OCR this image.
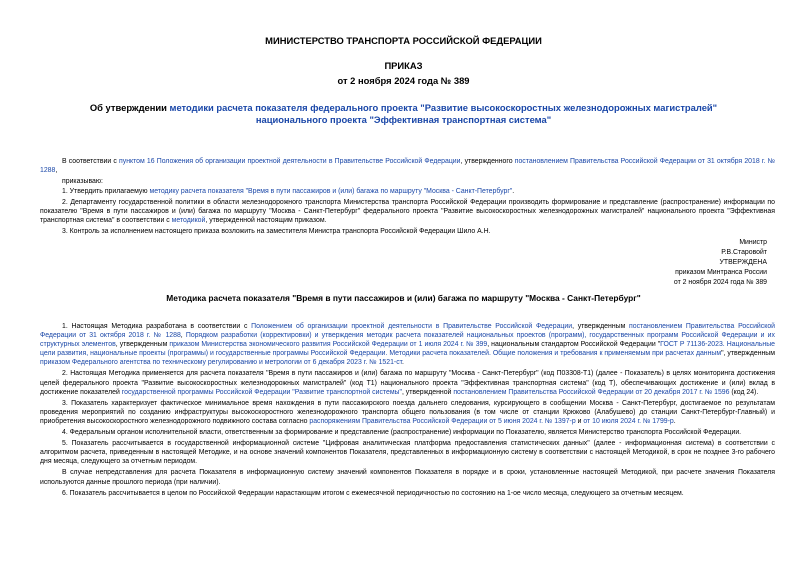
МИНИСТЕРСТВО ТРАНСПОРТА РОССИЙСКОЙ ФЕДЕРАЦИИ
ПРИКАЗ
от 2 ноября 2024 года № 389
Об утверждении методики расчета показателя федерального проекта "Развитие высокоскоростных железнодорожных магистралей" национального проекта "Эффективная транспортная система"

В соответствии с пунктом 16 Положения об организации проектной деятельности в Правительстве Российской Федерации, утвержденного постановлением Правительства Российской Федерации от 31 октября 2018 г. № 1288,

приказываю:

1. Утвердить прилагаемую методику расчета показателя "Время в пути пассажиров и (или) багажа по маршруту "Москва - Санкт-Петербург".

2. Департаменту государственной политики в области железнодорожного транспорта Министерства транспорта Российской Федерации производить формирование и представление (распространение) информации по показателю "Время в пути пассажиров и (или) багажа по маршруту "Москва - Санкт-Петербург" федерального проекта "Развитие высокоскоростных железнодорожных магистралей" национального проекта "Эффективная транспортная система" в соответствии с методикой, утвержденной настоящим приказом.

3. Контроль за исполнением настоящего приказа возложить на заместителя Министра транспорта Российской Федерации Шило А.Н.

Министр
Р.В.Старовойт
УТВЕРЖДЕНА
приказом Минтранса России
от 2 ноября 2024 года № 389
Методика расчета показателя "Время в пути пассажиров и (или) багажа по маршруту "Москва - Санкт-Петербург"

1. Настоящая Методика разработана в соответствии с Положением об организации проектной деятельности в Правительстве Российской Федерации, утвержденным постановлением Правительства Российской Федерации от 31 октября 2018 г. № 1288, Порядком разработки (корректировки) и утверждения методик расчета показателей национальных проектов (программ), государственных программ Российской Федерации и их структурных элементов, утвержденным приказом Министерства экономического развития Российской Федерации от 1 июля 2024 г. № 399, национальным стандартом Российской Федерации "ГОСТ Р 71136-2023. Национальные цели развития, национальные проекты (программы) и государственные программы Российской Федерации. Методики расчета показателей. Общие положения и требования к применяемым при расчетах данным", утвержденным приказом Федерального агентства по техническому регулированию и метрологии от 6 декабря 2023 г. № 1521-ст.

2. Настоящая Методика применяется для расчета показателя "Время в пути пассажиров и (или) багажа по маршруту "Москва - Санкт-Петербург" (код П03308-Т1) (далее - Показатель) в целях мониторинга достижения целей федерального проекта "Развитие высокоскоростных железнодорожных магистралей" (код Т1) национального проекта "Эффективная транспортная система" (код Т), обеспечивающих достижение и (или) вклад в достижение показателей государственной программы Российской Федерации "Развитие транспортной системы", утвержденной постановлением Правительства Российской Федерации от 20 декабря 2017 г. № 1596 (код 24).

3. Показатель характеризует фактическое минимальное время нахождения в пути пассажирского поезда дальнего следования, курсирующего в сообщении Москва - Санкт-Петербург, достигаемое по результатам проведения мероприятий по созданию инфраструктуры высокоскоростного железнодорожного транспорта общего пользования (в том числе от станции Крюково (Алабушево) до станции Санкт-Петербург-Главный) и приобретения высокоскоростного железнодорожного подвижного состава согласно распоряжениям Правительства Российской Федерации от 5 июня 2024 г. № 1397-р и от 10 июля 2024 г. № 1799-р.

4. Федеральным органом исполнительной власти, ответственным за формирование и представление (распространение) информации по Показателю, является Министерство транспорта Российской Федерации.

5. Показатель рассчитывается в государственной информационной системе "Цифровая аналитическая платформа предоставления статистических данных" (далее - информационная система) в соответствии с алгоритмом расчета, приведенным в настоящей Методике, и на основе значений компонентов Показателя, представленных в информационную систему в соответствии с настоящей Методикой, в срок не позднее 3-го рабочего дня месяца, следующего за отчетным периодом.

В случае непредставления для расчета Показателя в информационную систему значений компонентов Показателя в порядке и в сроки, установленные настоящей Методикой, при расчете значения Показателя используются данные прошлого периода (при наличии).

6. Показатель рассчитывается в целом по Российской Федерации нарастающим итогом с ежемесячной периодичностью по состоянию на 1-ое число месяца, следующего за отчетным месяцем.
